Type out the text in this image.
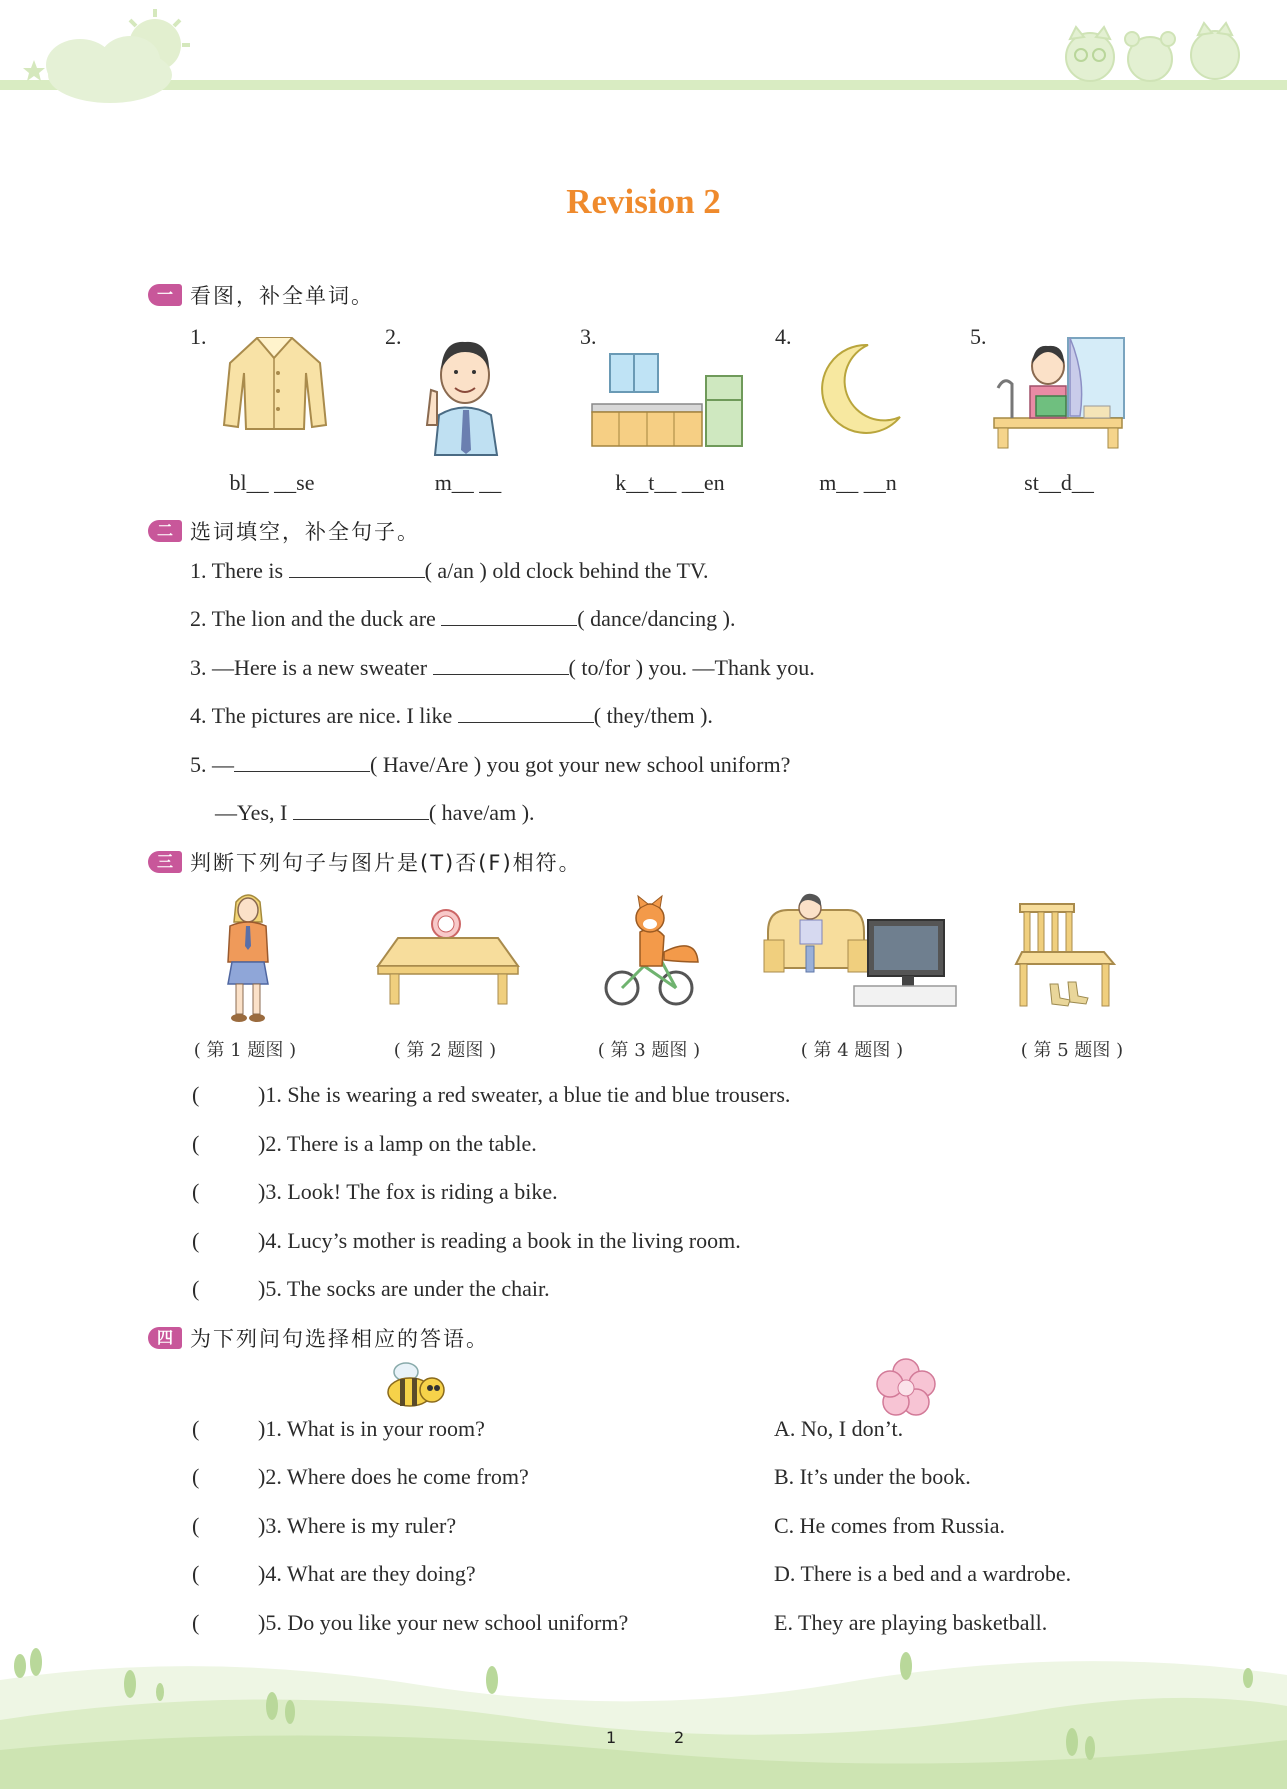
Revision 2
一 看图，补全单词。
1.	2.	3.	4.	5.
bl__ __se	m__ __	k__t__ __en	m__ __n	st__d__
二 选词填空，补全句子。
1. There is	( a/an ) old clock behind the TV.
2. The lion and the duck are	( dance/dancing ).
3. —Here is a new sweater	( to/for ) you. —Thank you.
4. The pictures are nice. I like	( they/them ).
5. —	( Have/Are ) you got your new school uniform?
—Yes, I	( have/am ).
三 判断下列句子与图片是(T)否(F)相符。
( 第 1 题图 )	( 第 2 题图 )	( 第 3 题图 )	( 第 4 题图 )	( 第 5 题图 )
(	)1. She is wearing a red sweater, a blue tie and blue trousers.
(	)2. There is a lamp on the table.
(	)3. Look! The fox is riding a bike.
(	)4. Lucy’s mother is reading a book in the living room.
(	)5. The socks are under the chair.
四 为下列问句选择相应的答语。
(	)1. What is in your room?	A. No, I don’t.
(	)2. Where does he come from?	B. It’s under the book.
(	)3. Where is my ruler?	C. He comes from Russia.
(	)4. What are they doing?	D. There is a bed and a wardrobe.
(	)5. Do you like your new school uniform?	E. They are playing basketball.
1	2
